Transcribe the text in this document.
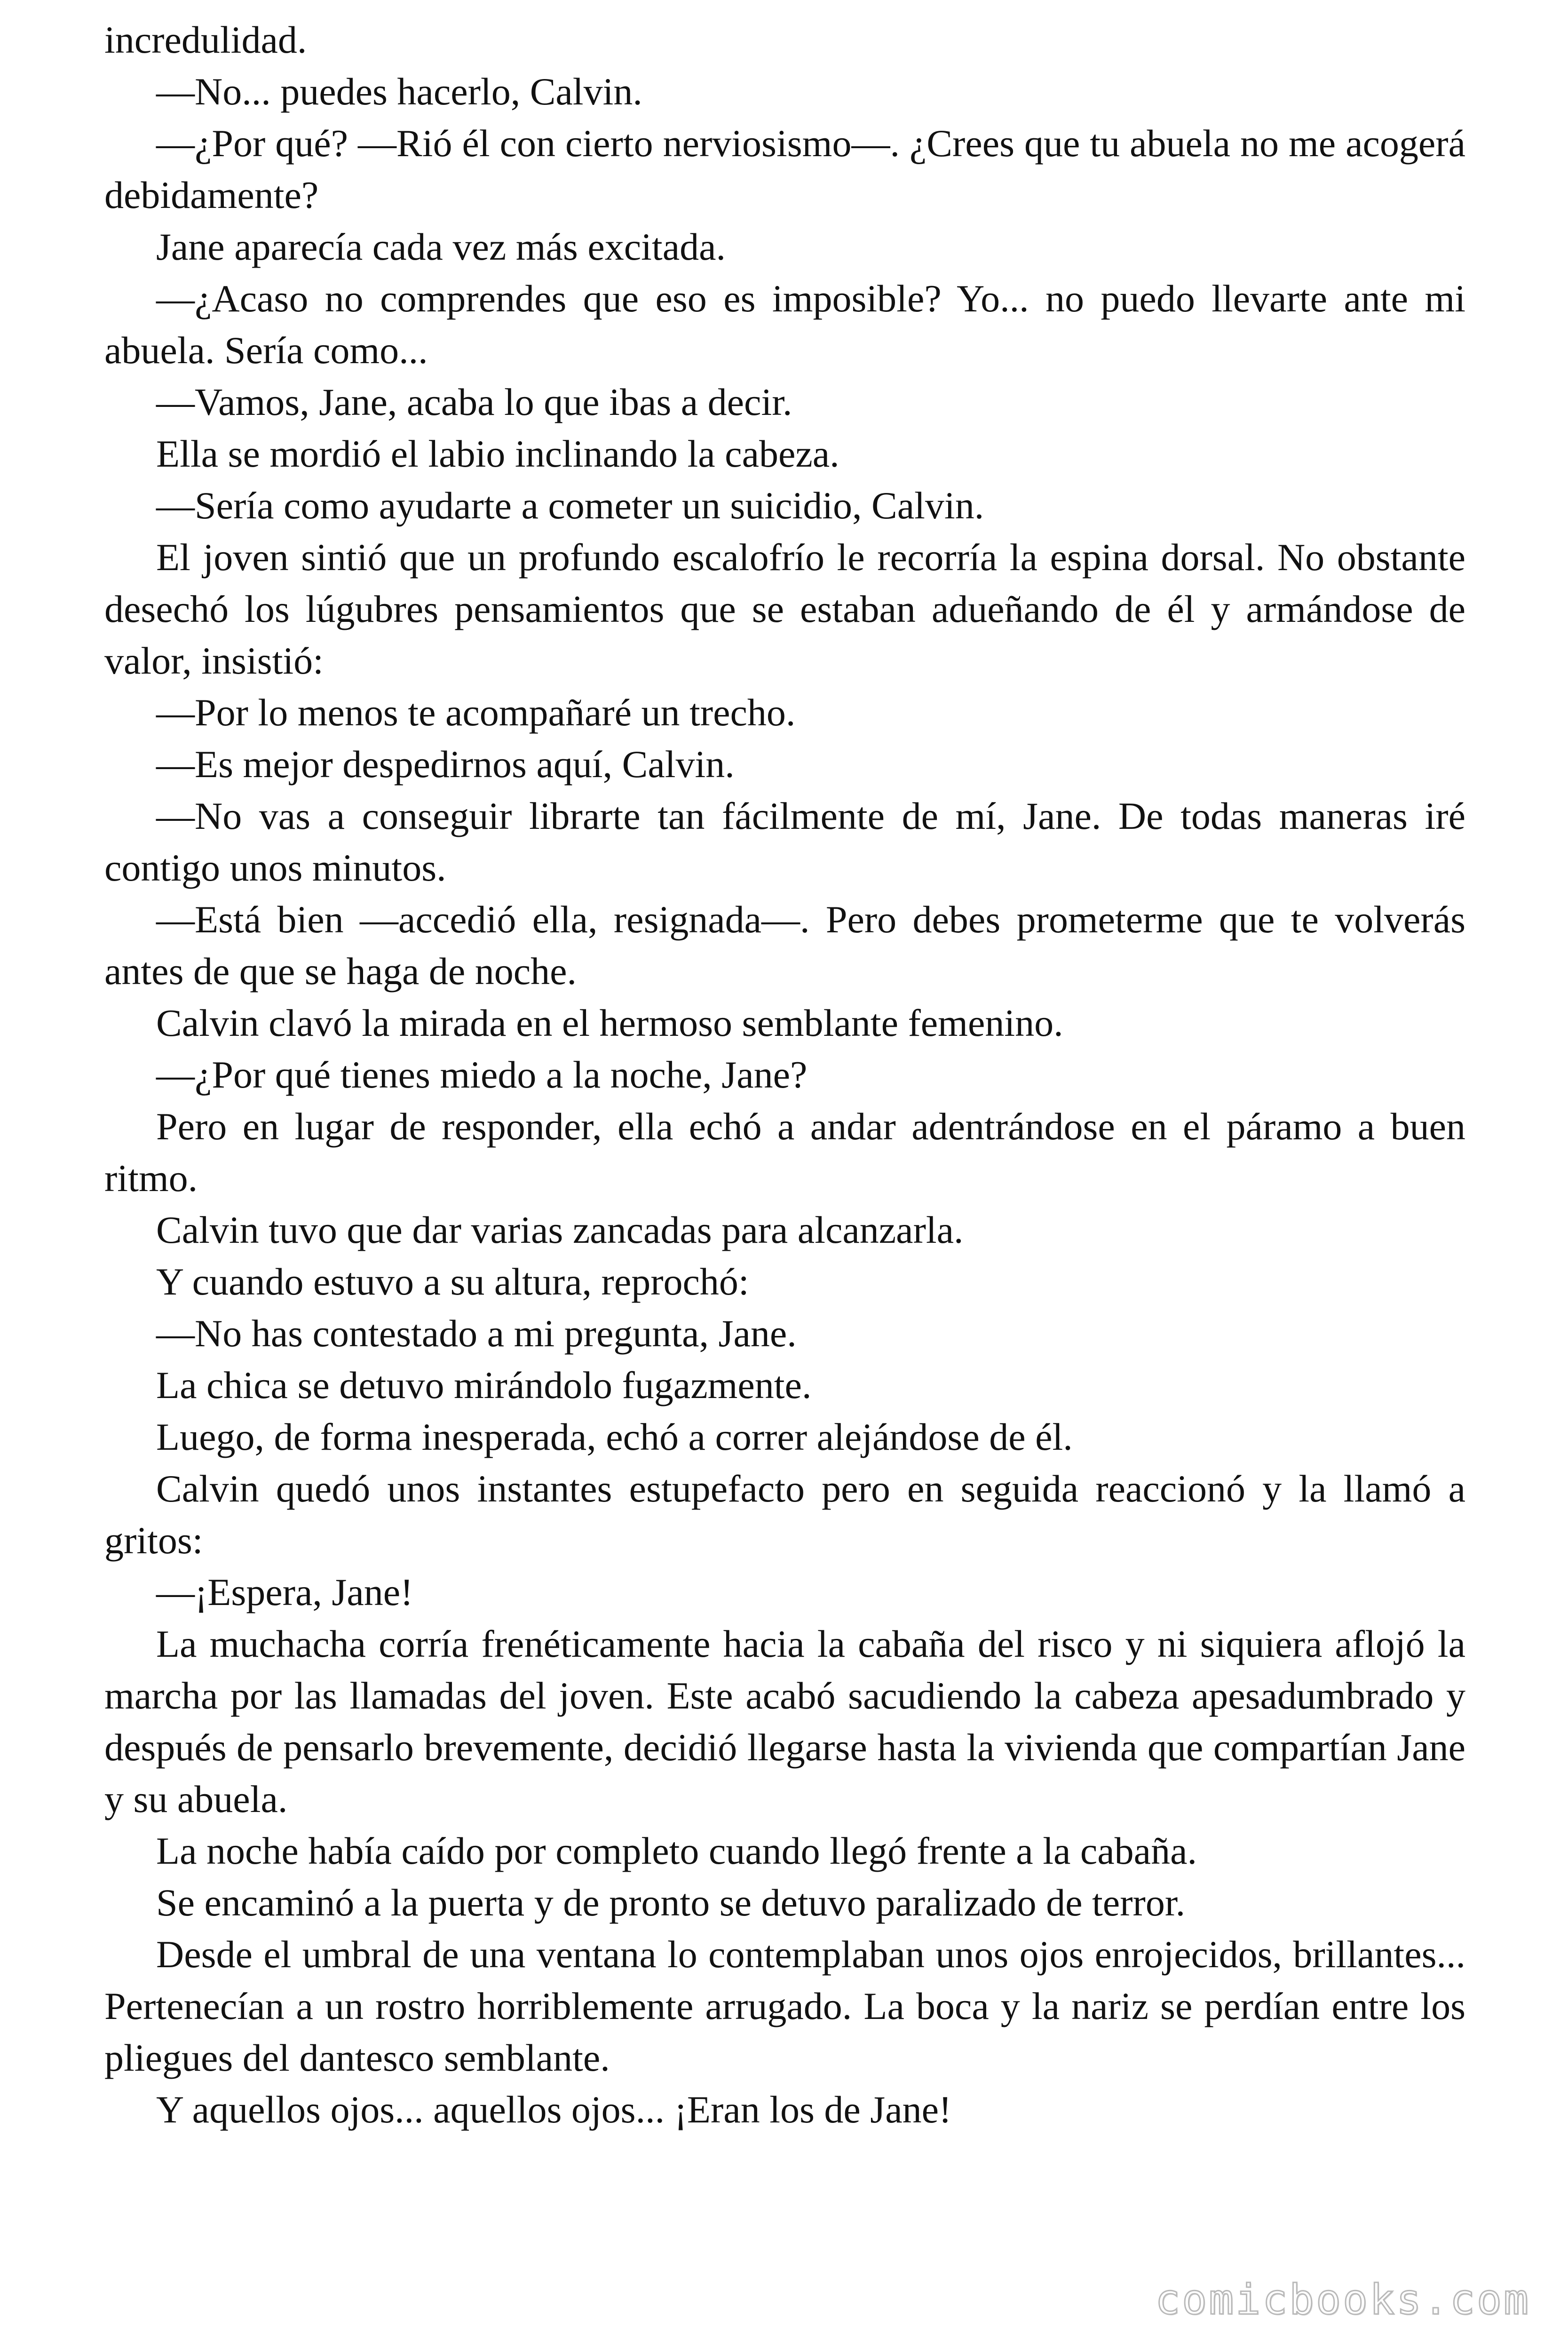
incredulidad.

—No... puedes hacerlo, Calvin.

—¿Por qué? —Rió él con cierto nerviosismo—. ¿Crees que tu abuela no me acogerá debidamente?

Jane aparecía cada vez más excitada.

—¿Acaso no comprendes que eso es imposible? Yo... no puedo llevarte ante mi abuela. Sería como...

—Vamos, Jane, acaba lo que ibas a decir.

Ella se mordió el labio inclinando la cabeza.

—Sería como ayudarte a cometer un suicidio, Calvin.

El joven sintió que un profundo escalofrío le recorría la espina dorsal. No obstante desechó los lúgubres pensamientos que se estaban adueñando de él y armándose de valor, insistió:

—Por lo menos te acompañaré un trecho.

—Es mejor despedirnos aquí, Calvin.

—No vas a conseguir librarte tan fácilmente de mí, Jane. De todas maneras iré contigo unos minutos.

—Está bien —accedió ella, resignada—. Pero debes prometerme que te volverás antes de que se haga de noche.

Calvin clavó la mirada en el hermoso semblante femenino.

—¿Por qué tienes miedo a la noche, Jane?

Pero en lugar de responder, ella echó a andar adentrándose en el páramo a buen ritmo.

Calvin tuvo que dar varias zancadas para alcanzarla.

Y cuando estuvo a su altura, reprochó:

—No has contestado a mi pregunta, Jane.

La chica se detuvo mirándolo fugazmente.

Luego, de forma inesperada, echó a correr alejándose de él.

Calvin quedó unos instantes estupefacto pero en seguida reaccionó y la llamó a gritos:

—¡Espera, Jane!

La muchacha corría frenéticamente hacia la cabaña del risco y ni siquiera aflojó la marcha por las llamadas del joven. Este acabó sacudiendo la cabeza apesadumbrado y después de pensarlo brevemente, decidió llegarse hasta la vivienda que compartían Jane y su abuela.

La noche había caído por completo cuando llegó frente a la cabaña.

Se encaminó a la puerta y de pronto se detuvo paralizado de terror.

Desde el umbral de una ventana lo contemplaban unos ojos enrojecidos, brillantes... Pertenecían a un rostro horriblemente arrugado. La boca y la nariz se perdían entre los pliegues del dantesco semblante.

Y aquellos ojos... aquellos ojos... ¡Eran los de Jane!

comicbooks.com
